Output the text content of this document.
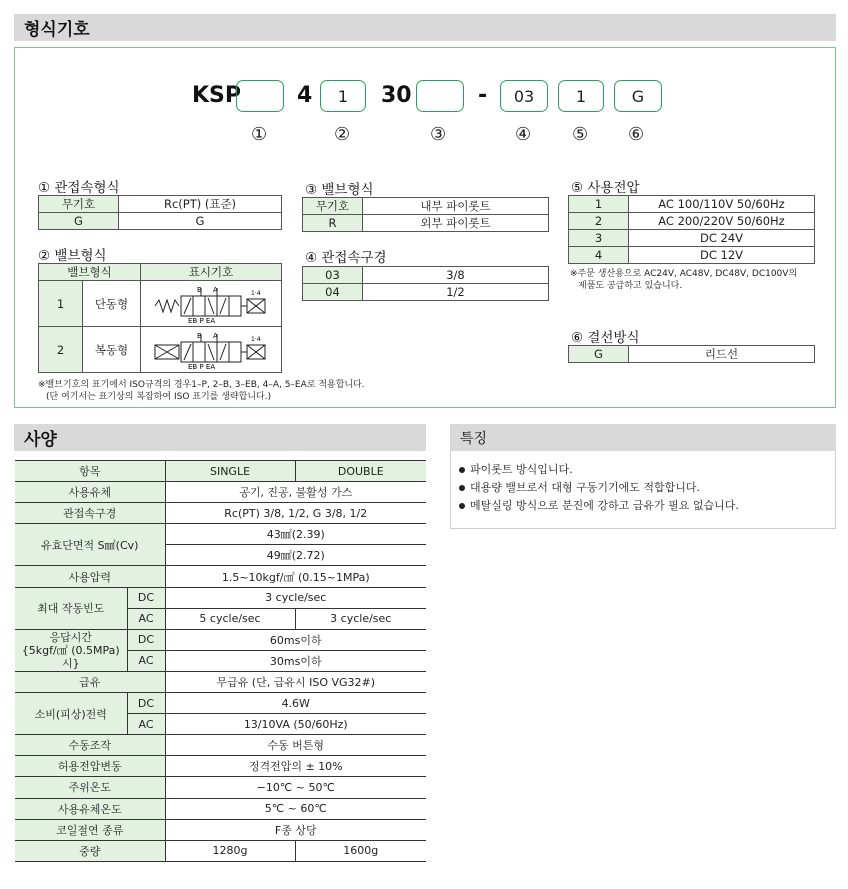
형식기호
KSP	4	1	30	-	03	1	G
①	②	③	④ ⑤ ⑥
① 관접속형식
무기호	Rc(PT) (표준)
G	G
② 밸브형식
밸브형식		표시기호
1	단동형	B A 1·4
EB P EA

2	복동형	B A 1·4
EB P EA
※밸브기호의 표기에서 ISO규격의 경우1–P, 2–B, 3–EB, 4–A, 5–EA로 적용합니다.
(단 여기서는 표기상의 복잡하여 ISO 표기를 생략합니다.)
③ 밸브형식
무기호	내부 파이롯트
R	외부 파이롯트
④ 관접속구경
03	3/8
04	1/2
⑤ 사용전압
1	AC 100/110V 50/60Hz
2	AC 200/220V 50/60Hz
3	DC 24V
4	DC 12V
※주문 생산용으로 AC24V, AC48V, DC48V, DC100V의
제품도 공급하고 있습니다.
⑥ 결선방식
G	리드선
사양
항목		SINGLE	DOUBLE
사용유체		공기, 진공, 불활성 가스	
관접속구경		Rc(PT) 3/8, 1/2, G 3/8, 1/2	
유효단면적 S㎟(Cv)		43㎟(2.39)	
		49㎟(2.72)	
사용압력		1.5~10kgf/㎠ (0.15~1MPa)	
최대 작동빈도	DC	3 cycle/sec	
	AC	5 cycle/sec	3 cycle/sec

응답시간
{5kgf/㎠ (0.5MPa)시}	DC	60ms이하	
	AC	30ms이하	
급유		무급유 (단, 급유시 ISO VG32#)	
소비(피상)전력	DC	4.6W	
	AC	13/10VA (50/60Hz)	
수동조작		수동 버튼형	
허용전압변동		정격전압의 ± 10%	
주위온도		−10℃ ~ 50℃	
사용유체온도		5℃ ~ 60℃	
코일절연 종류		F종 상당	
중량		1280g	1600g
특징
파이롯트 방식입니다.
대용량 밸브로서 대형 구동기기에도 적합합니다.
메탈실링 방식으로 분진에 강하고 급유가 필요 없습니다.
